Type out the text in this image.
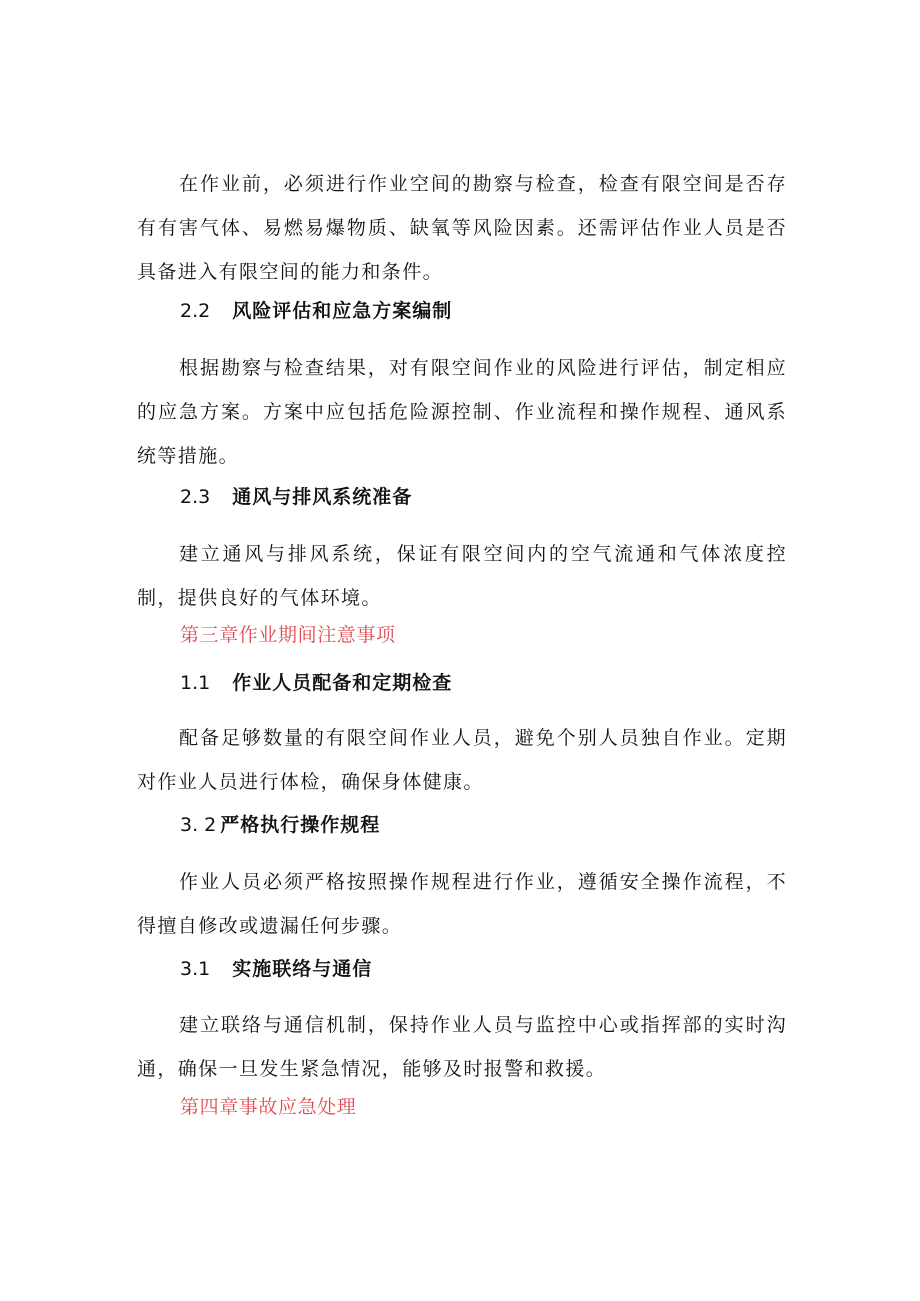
在作业前，必须进行作业空间的勘察与检查，检查有限空间是否存有有害气体、易燃易爆物质、缺氧等风险因素。还需评估作业人员是否具备进入有限空间的能力和条件。

2.2 风险评估和应急方案编制

根据勘察与检查结果，对有限空间作业的风险进行评估，制定相应的应急方案。方案中应包括危险源控制、作业流程和操作规程、通风系统等措施。

2.3 通风与排风系统准备

建立通风与排风系统，保证有限空间内的空气流通和气体浓度控制，提供良好的气体环境。

第三章作业期间注意事项
1.1 作业人员配备和定期检查

配备足够数量的有限空间作业人员，避免个别人员独自作业。定期对作业人员进行体检，确保身体健康。

3. 2 严格执行操作规程

作业人员必须严格按照操作规程进行作业，遵循安全操作流程，不得擅自修改或遗漏任何步骤。

3.1 实施联络与通信

建立联络与通信机制，保持作业人员与监控中心或指挥部的实时沟通，确保一旦发生紧急情况，能够及时报警和救援。

第四章事故应急处理
